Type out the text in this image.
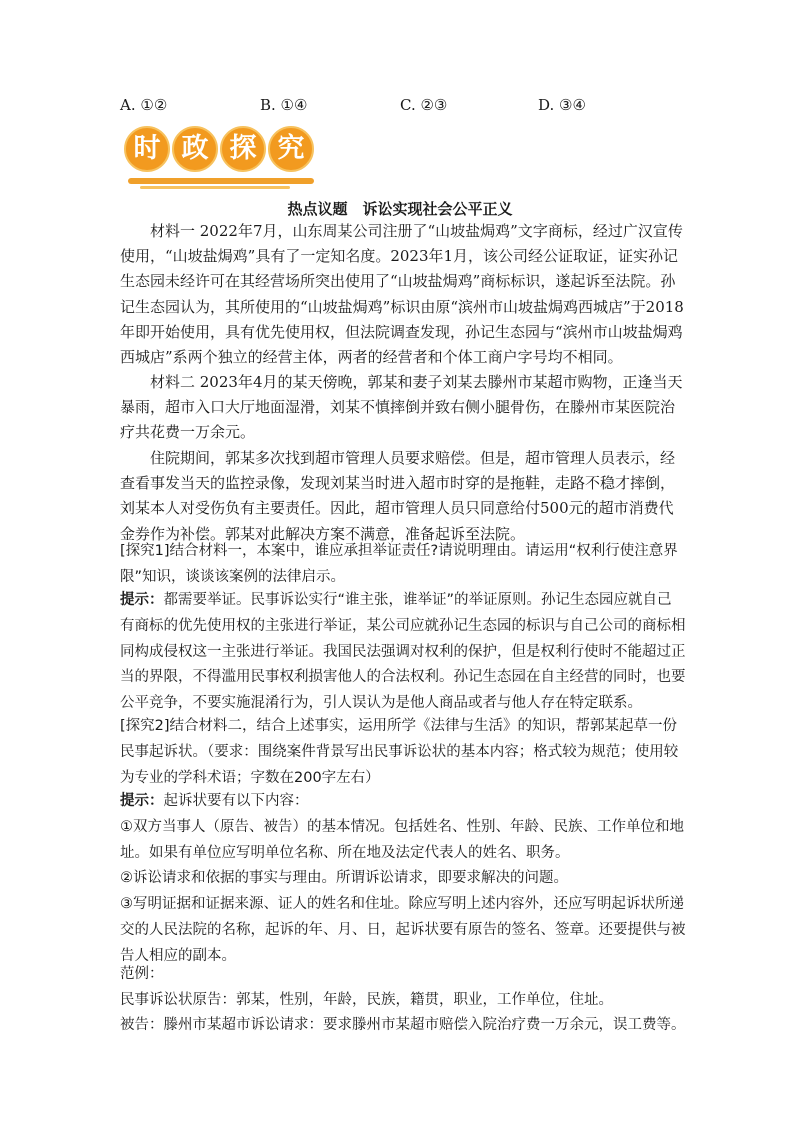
A. ①②	B. ①④	C. ②③	D. ③④
时 政 探 究
热点议题　诉讼实现社会公平正义

材料一 2022年7月，山东周某公司注册了“山坡盐焗鸡”文字商标，经过广汉宣传使用，“山坡盐焗鸡”具有了一定知名度。2023年1月，该公司经公证取证，证实孙记生态园未经许可在其经营场所突出使用了“山坡盐焗鸡”商标标识，遂起诉至法院。孙记生态园认为，其所使用的“山坡盐焗鸡”标识由原“滨州市山坡盐焗鸡西城店”于2018年即开始使用，具有优先使用权，但法院调查发现，孙记生态园与“滨州市山坡盐焗鸡西城店”系两个独立的经营主体，两者的经营者和个体工商户字号均不相同。

材料二 2023年4月的某天傍晚，郭某和妻子刘某去滕州市某超市购物，正逢当天暴雨，超市入口大厅地面湿滑，刘某不慎摔倒并致右侧小腿骨伤，在滕州市某医院治疗共花费一万余元。

住院期间，郭某多次找到超市管理人员要求赔偿。但是，超市管理人员表示，经查看事发当天的监控录像，发现刘某当时进入超市时穿的是拖鞋，走路不稳才摔倒，刘某本人对受伤负有主要责任。因此，超市管理人员只同意给付500元的超市消费代金券作为补偿。郭某对此解决方案不满意，准备起诉至法院。

[探究1]结合材料一，本案中，谁应承担举证责任?请说明理由。请运用“权利行使注意界限”知识，谈谈该案例的法律启示。

提示：都需要举证。民事诉讼实行“谁主张，谁举证”的举证原则。孙记生态园应就自己有商标的优先使用权的主张进行举证，某公司应就孙记生态园的标识与自己公司的商标相同构成侵权这一主张进行举证。我国民法强调对权利的保护，但是权利行使时不能超过正当的界限，不得滥用民事权利损害他人的合法权利。孙记生态园在自主经营的同时，也要公平竞争，不要实施混淆行为，引人误认为是他人商品或者与他人存在特定联系。

[探究2]结合材料二，结合上述事实，运用所学《法律与生活》的知识，帮郭某起草一份民事起诉状。（要求：围绕案件背景写出民事诉讼状的基本内容；格式较为规范；使用较为专业的学科术语；字数在200字左右）

提示：起诉状要有以下内容：

①双方当事人（原告、被告）的基本情况。包括姓名、性别、年龄、民族、工作单位和地址。如果有单位应写明单位名称、所在地及法定代表人的姓名、职务。

②诉讼请求和依据的事实与理由。所谓诉讼请求，即要求解决的问题。

③写明证据和证据来源、证人的姓名和住址。除应写明上述内容外，还应写明起诉状所递交的人民法院的名称，起诉的年、月、日，起诉状要有原告的签名、签章。还要提供与被告人相应的副本。

范例：

民事诉讼状原告：郭某，性别，年龄，民族，籍贯，职业，工作单位，住址。

被告：滕州市某超市诉讼请求：要求滕州市某超市赔偿入院治疗费一万余元，误工费等。
